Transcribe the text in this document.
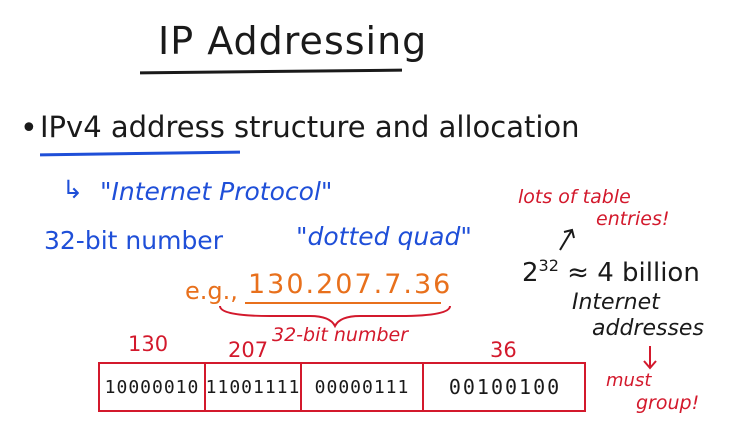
IP Addressing
• IPv4 address structure and allocation
↳ "Internet Protocol"
32-bit number	"dotted quad"
e.g., 130.207.7.36
130	207
32-bit number
36
10000010 11001111 00000111	00100100
lots of table
entries!
$2^{32} \approx 4$ billion
Internet
addresses
must
group!
